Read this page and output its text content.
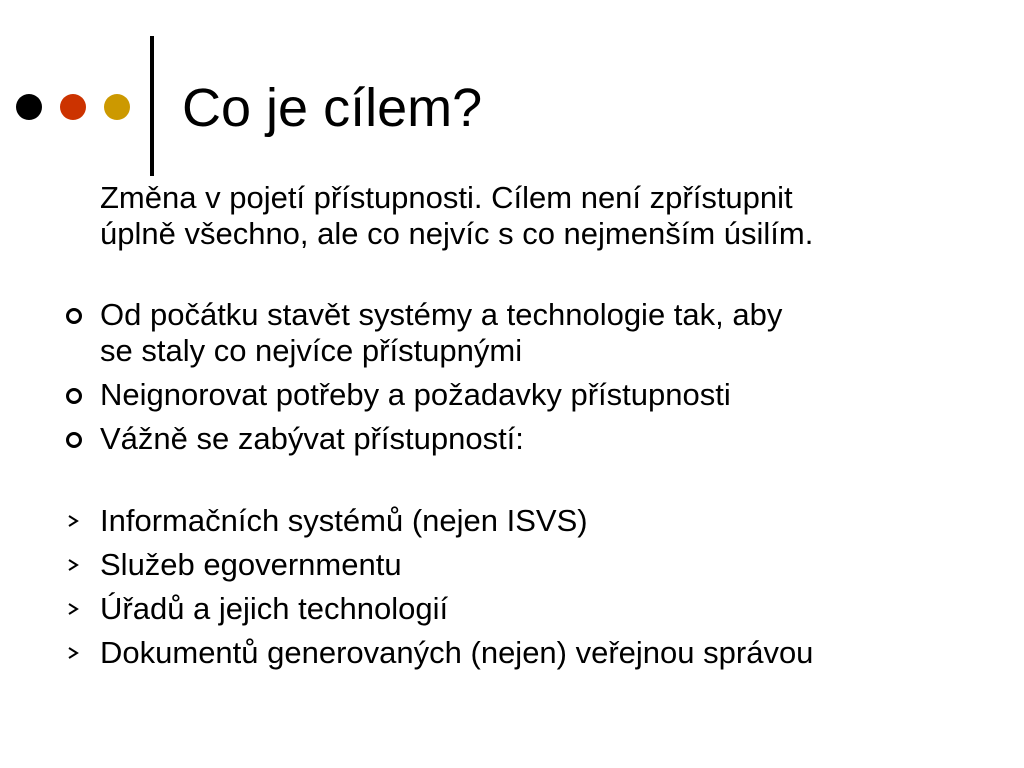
Co je cílem?
Změna v pojetí přístupnosti. Cílem není zpřístupnit
úplně všechno, ale co nejvíc s co nejmenším úsilím.
Od počátku stavět systémy a technologie tak, aby
se staly co nejvíce přístupnými
Neignorovat potřeby a požadavky přístupnosti
Vážně se zabývat přístupností:
Informačních systémů (nejen ISVS)
Služeb egovernmentu
Úřadů a jejich technologií
Dokumentů generovaných (nejen) veřejnou správou
